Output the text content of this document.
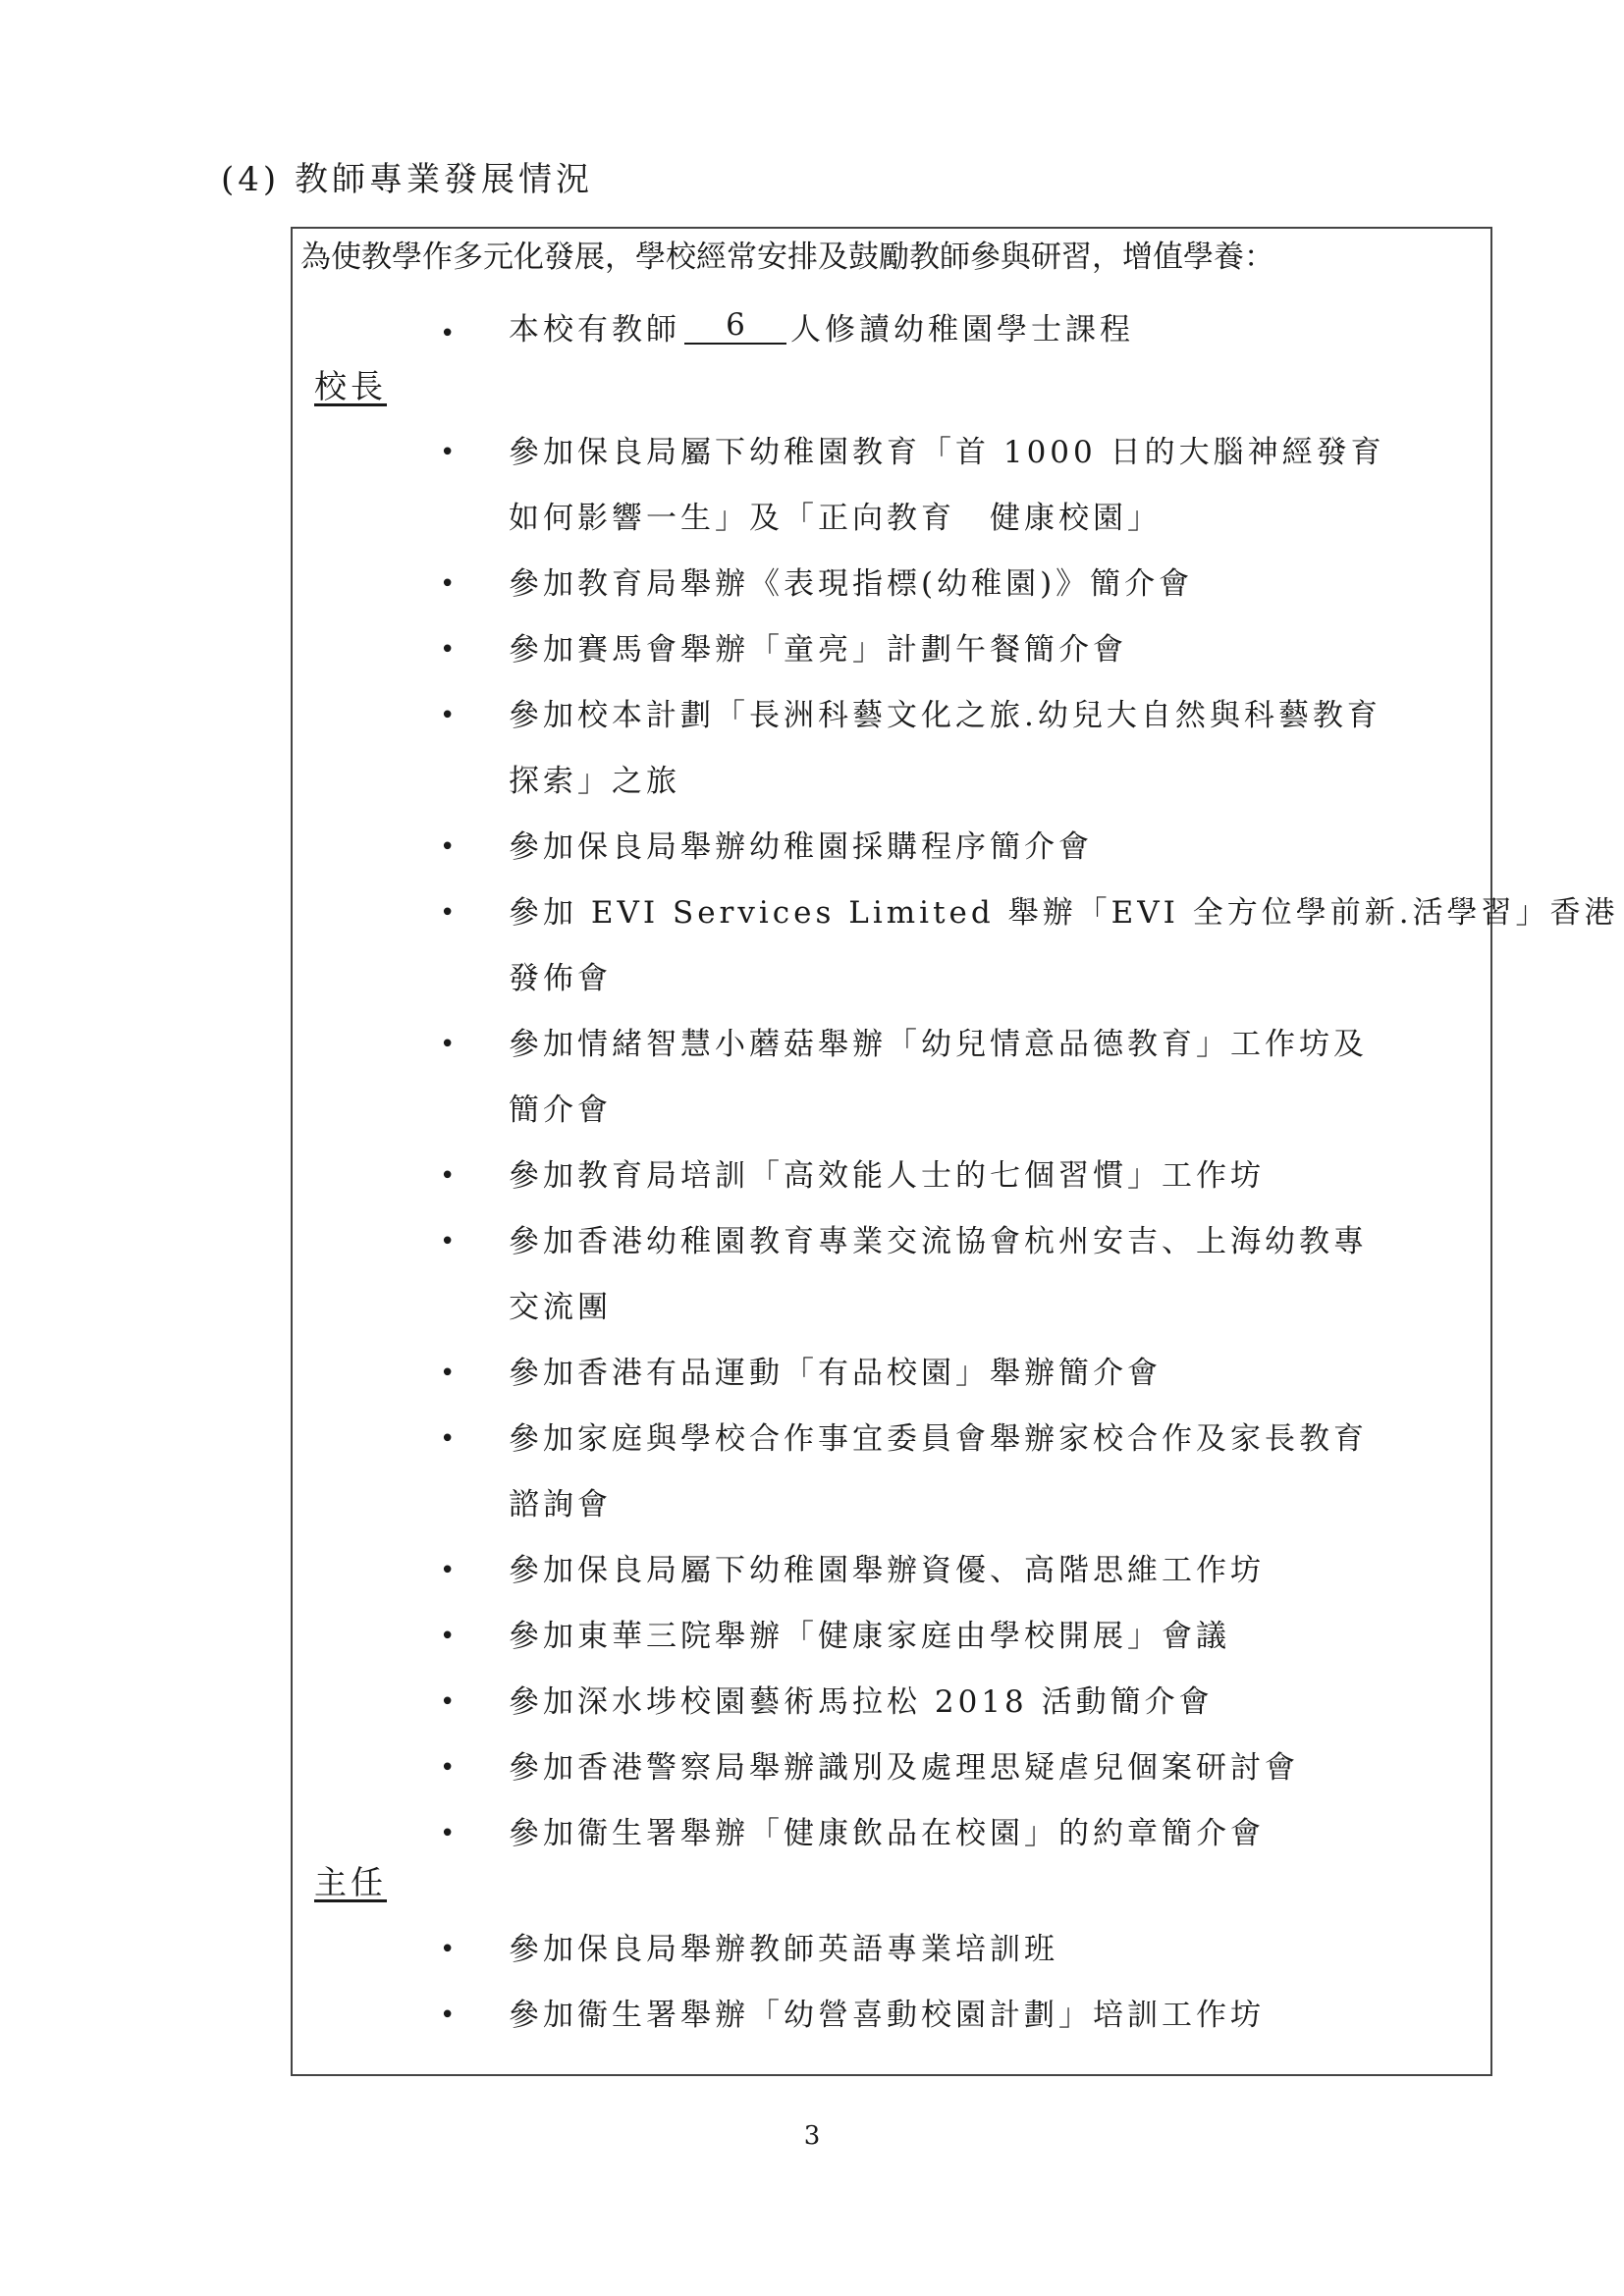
(4) 教師專業發展情況
為使教學作多元化發展，學校經常安排及鼓勵教師參與研習，增值學養：
• 本校有教師	6	人修讀幼稚園學士課程
校長
• 參加保良局屬下幼稚園教育「首 1000 日的大腦神經發育
如何影響一生」及「正向教育　健康校園」
• 參加教育局舉辦《表現指標(幼稚園)》簡介會
• 參加賽馬會舉辦「童亮」計劃午餐簡介會
• 參加校本計劃「長洲科藝文化之旅.幼兒大自然與科藝教育
探索」之旅
• 參加保良局舉辦幼稚園採購程序簡介會
• 參加 EVI Services Limited 舉辦「EVI 全方位學前新.活學習」香港
發佈會
• 參加情緒智慧小蘑菇舉辦「幼兒情意品德教育」工作坊及
簡介會
• 參加教育局培訓「高效能人士的七個習慣」工作坊
• 參加香港幼稚園教育專業交流協會杭州安吉、上海幼教專
交流團
• 參加香港有品運動「有品校園」舉辦簡介會
• 參加家庭與學校合作事宜委員會舉辦家校合作及家長教育
諮詢會
• 參加保良局屬下幼稚園舉辦資優、高階思維工作坊
• 參加東華三院舉辦「健康家庭由學校開展」會議
• 參加深水埗校園藝術馬拉松 2018 活動簡介會
• 參加香港警察局舉辦識別及處理思疑虐兒個案研討會
• 參加衞生署舉辦「健康飲品在校園」的約章簡介會
主任
• 參加保良局舉辦教師英語專業培訓班
• 參加衞生署舉辦「幼營喜動校園計劃」培訓工作坊
3
